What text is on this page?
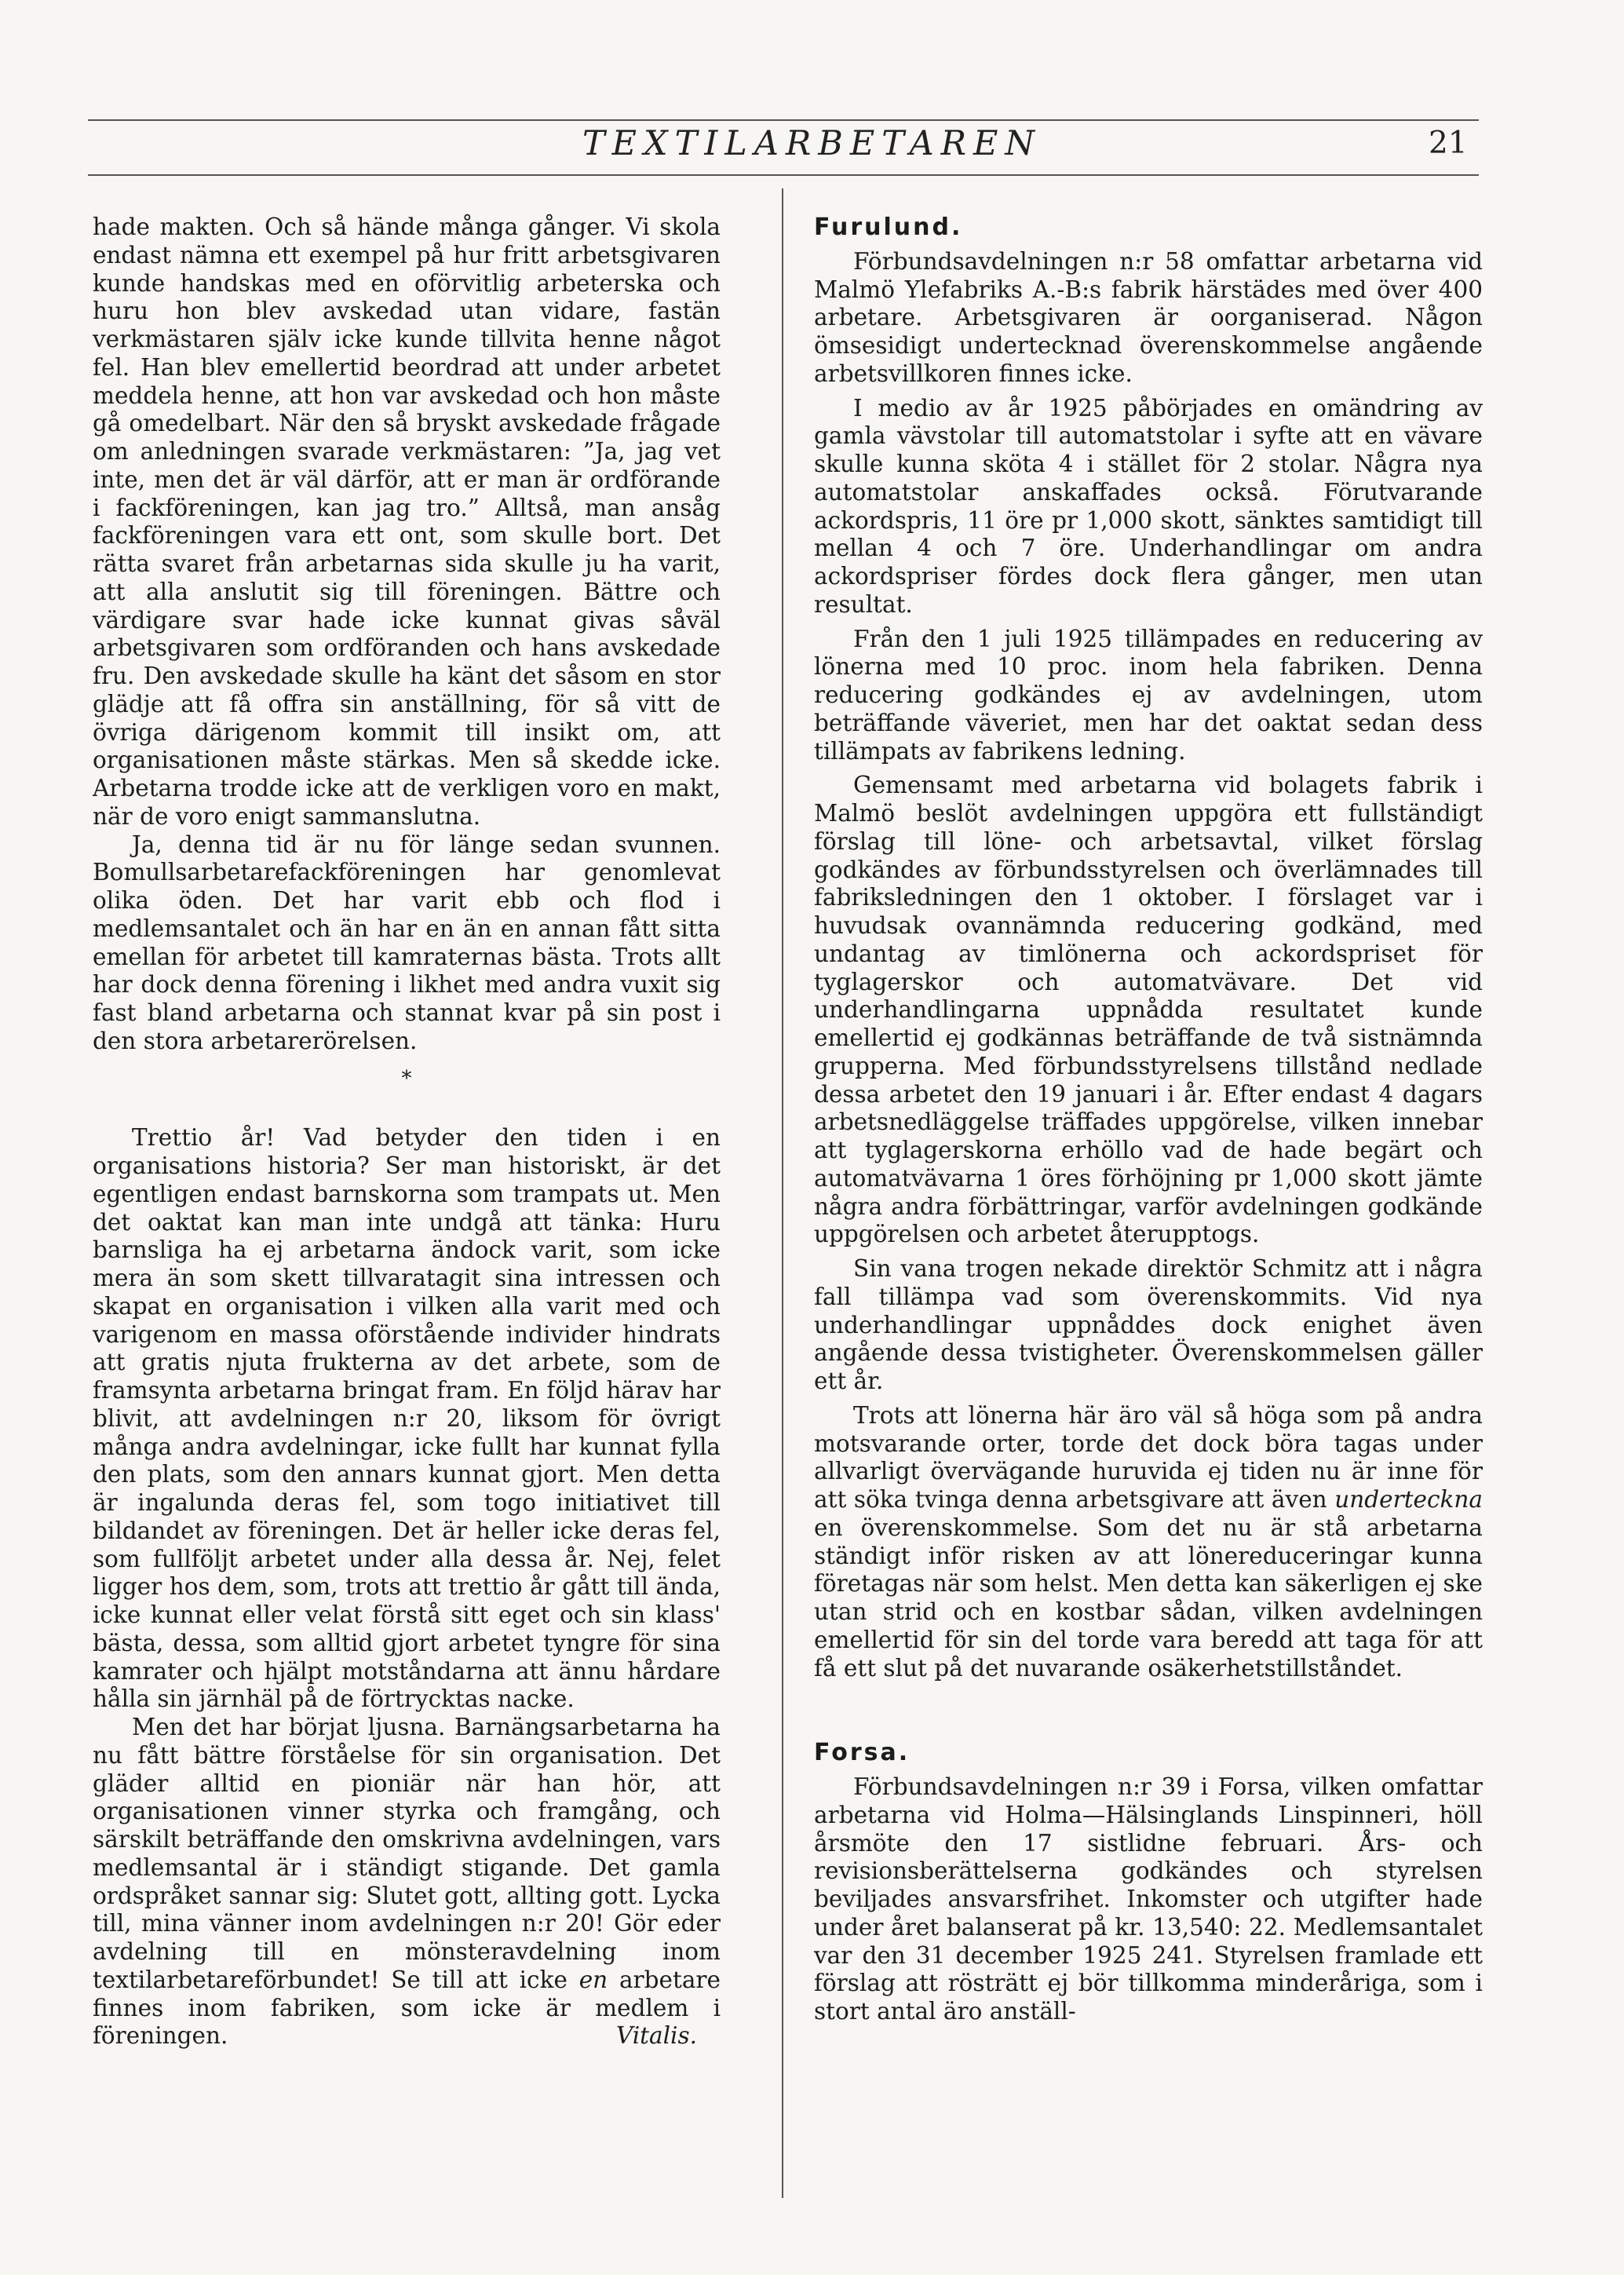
TEXTILARBETAREN	21

hade makten. Och så hände många gånger. Vi skola endast nämna ett exempel på hur fritt arbetsgivaren kunde handskas med en oförvitlig arbeterska och huru hon blev avskedad utan vidare, fastän verkmästaren själv icke kunde tillvita henne något fel. Han blev emellertid beordrad att under arbetet meddela henne, att hon var avskedad och hon måste gå omedelbart. När den så bryskt avskedade frågade om anledningen svarade verkmästaren: ”Ja, jag vet inte, men det är väl därför, att er man är ordförande i fackföreningen, kan jag tro.” Alltså, man ansåg fackföreningen vara ett ont, som skulle bort. Det rätta svaret från arbetarnas sida skulle ju ha varit, att alla anslutit sig till föreningen. Bättre och värdigare svar hade icke kunnat givas såväl arbetsgivaren som ordföranden och hans avskedade fru. Den avskedade skulle ha känt det såsom en stor glädje att få offra sin anställning, för så vitt de övriga därigenom kommit till insikt om, att organisationen måste stärkas. Men så skedde icke. Arbetarna trodde icke att de verkligen voro en makt, när de voro enigt sammanslutna.

Ja, denna tid är nu för länge sedan svunnen. Bomullsarbetarefackföreningen har genomlevat olika öden. Det har varit ebb och flod i medlemsantalet och än har en än en annan fått sitta emellan för arbetet till kamraternas bästa. Trots allt har dock denna förening i likhet med andra vuxit sig fast bland arbetarna och stannat kvar på sin post i den stora arbetarerörelsen.

*

Trettio år! Vad betyder den tiden i en organisations historia? Ser man historiskt, är det egentligen endast barnskorna som trampats ut. Men det oaktat kan man inte undgå att tänka: Huru barnsliga ha ej arbetarna ändock varit, som icke mera än som skett tillvaratagit sina intressen och skapat en organisation i vilken alla varit med och varigenom en massa oförstående individer hindrats att gratis njuta frukterna av det arbete, som de framsynta arbetarna bringat fram. En följd härav har blivit, att avdelningen n:r 20, liksom för övrigt många andra avdelningar, icke fullt har kunnat fylla den plats, som den annars kunnat gjort. Men detta är ingalunda deras fel, som togo initiativet till bildandet av föreningen. Det är heller icke deras fel, som fullföljt arbetet under alla dessa år. Nej, felet ligger hos dem, som, trots att trettio år gått till ända, icke kunnat eller velat förstå sitt eget och sin klass' bästa, dessa, som alltid gjort arbetet tyngre för sina kamrater och hjälpt motståndarna att ännu hårdare hålla sin järnhäl på de förtrycktas nacke.

Men det har börjat ljusna. Barnängsarbetarna ha nu fått bättre förståelse för sin organisation. Det gläder alltid en pioniär när han hör, att organisationen vinner styrka och framgång, och särskilt beträffande den omskrivna avdelningen, vars medlemsantal är i ständigt stigande. Det gamla ordspråket sannar sig: Slutet gott, allting gott. Lycka till, mina vänner inom avdelningen n:r 20! Gör eder avdelning till en mönsteravdelning inom textilarbetareförbundet! Se till att icke en arbetare finnes inom fabriken, som icke är medlem i föreningen.	Vitalis.

Furulund.

Förbundsavdelningen n:r 58 omfattar arbetarna vid Malmö Ylefabriks A.-B:s fabrik härstädes med över 400 arbetare. Arbetsgivaren är oorganiserad. Någon ömsesidigt undertecknad överenskommelse angående arbetsvillkoren finnes icke.

I medio av år 1925 påbörjades en omändring av gamla vävstolar till automatstolar i syfte att en vävare skulle kunna sköta 4 i stället för 2 stolar. Några nya automatstolar anskaffades också. Förutvarande ackordspris, 11 öre pr 1,000 skott, sänktes samtidigt till mellan 4 och 7 öre. Underhandlingar om andra ackordspriser fördes dock flera gånger, men utan resultat.

Från den 1 juli 1925 tillämpades en reducering av lönerna med 10 proc. inom hela fabriken. Denna reducering godkändes ej av avdelningen, utom beträffande väveriet, men har det oaktat sedan dess tillämpats av fabrikens ledning.

Gemensamt med arbetarna vid bolagets fabrik i Malmö beslöt avdelningen uppgöra ett fullständigt förslag till löne- och arbetsavtal, vilket förslag godkändes av förbundsstyrelsen och överlämnades till fabriksledningen den 1 oktober. I förslaget var i huvudsak ovannämnda reducering godkänd, med undantag av timlönerna och ackordspriset för tyglagerskor och automatvävare. Det vid underhandlingarna uppnådda resultatet kunde emellertid ej godkännas beträffande de två sistnämnda grupperna. Med förbundsstyrelsens tillstånd nedlade dessa arbetet den 19 januari i år. Efter endast 4 dagars arbetsnedläggelse träffades uppgörelse, vilken innebar att tyglagerskorna erhöllo vad de hade begärt och automatvävarna 1 öres förhöjning pr 1,000 skott jämte några andra förbättringar, varför avdelningen godkände uppgörelsen och arbetet återupptogs.

Sin vana trogen nekade direktör Schmitz att i några fall tillämpa vad som överenskommits. Vid nya underhandlingar uppnåddes dock enighet även angående dessa tvistigheter. Överenskommelsen gäller ett år.

Trots att lönerna här äro väl så höga som på andra motsvarande orter, torde det dock böra tagas under allvarligt övervägande huruvida ej tiden nu är inne för att söka tvinga denna arbetsgivare att även underteckna en överenskommelse. Som det nu är stå arbetarna ständigt inför risken av att lönereduceringar kunna företagas när som helst. Men detta kan säkerligen ej ske utan strid och en kostbar sådan, vilken avdelningen emellertid för sin del torde vara beredd att taga för att få ett slut på det nuvarande osäkerhetstillståndet.

Forsa.

Förbundsavdelningen n:r 39 i Forsa, vilken omfattar arbetarna vid Holma—Hälsinglands Linspinneri, höll årsmöte den 17 sistlidne februari. Års- och revisionsberättelserna godkändes och styrelsen beviljades ansvarsfrihet. Inkomster och utgifter hade under året balanserat på kr. 13,540: 22. Medlemsantalet var den 31 december 1925 241. Styrelsen framlade ett förslag att rösträtt ej bör tillkomma minderåriga, som i stort antal äro anställ-
